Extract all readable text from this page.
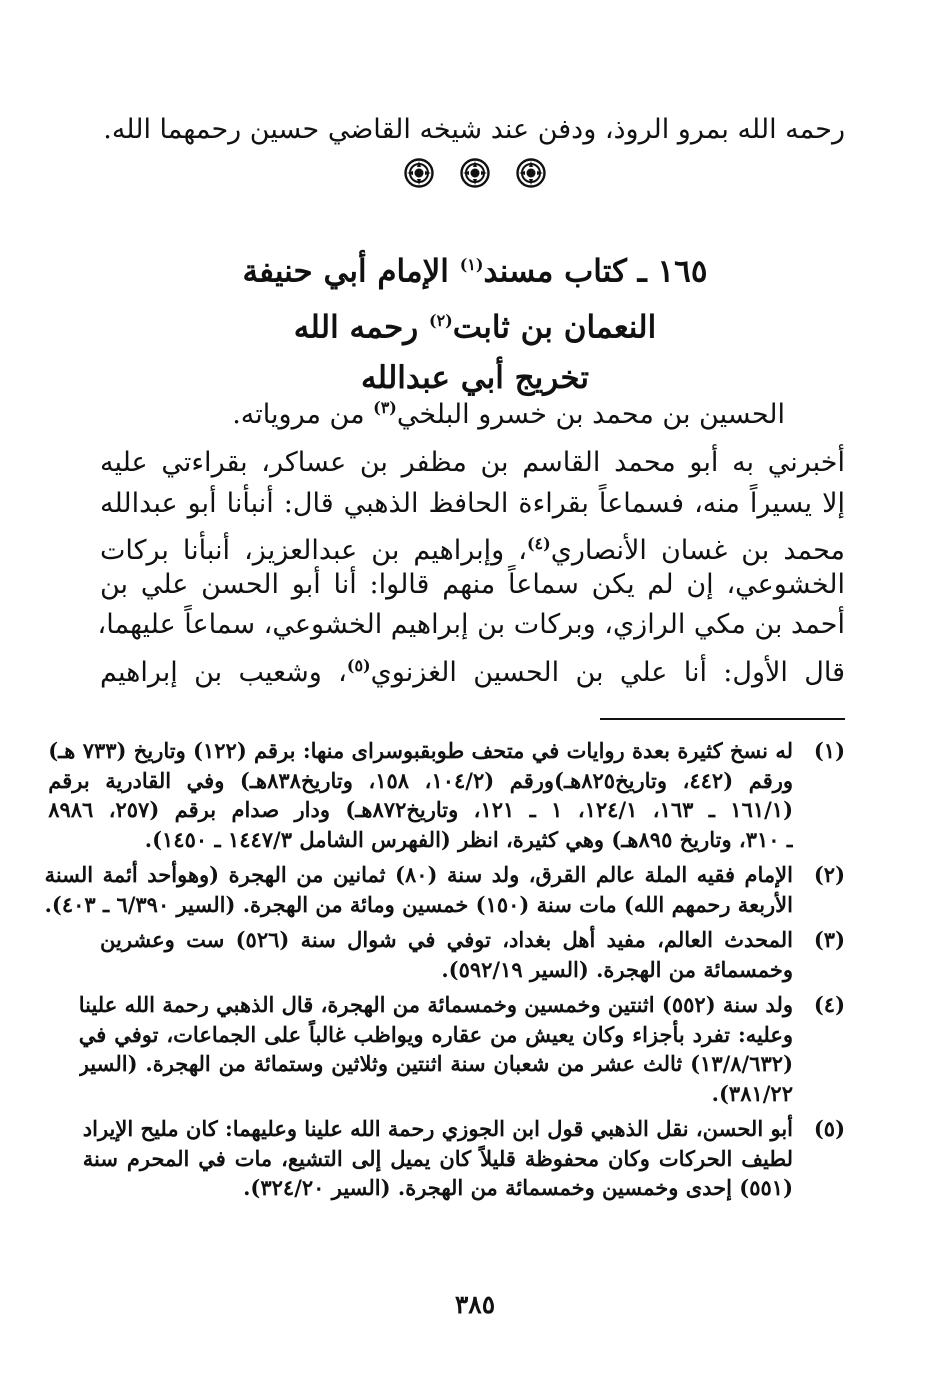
رحمه الله بمرو الروذ، ودفن عند شيخه القاضي حسين رحمهما الله.
١٦٥ ـ كتاب مسند$^{(١)}$ الإمام أبي حنيفة
النعمان بن ثابت$^{(٢)}$ رحمه الله
تخريج أبي عبدالله
الحسين بن محمد بن خسرو البلخي$^{(٣)}$ من مروياته.
أخبرني به أبو محمد القاسم بن مظفر بن عساكر، بقراءتي عليه
إلا يسيراً منه، فسماعاً بقراءة الحافظ الذهبي قال: أنبأنا أبو عبدالله
محمد بن غسان الأنصاري$^{(٤)}$، وإبراهيم بن عبدالعزيز، أنبأنا بركات
الخشوعي، إن لم يكن سماعاً منهم قالوا: أنا أبو الحسن علي بن
أحمد بن مكي الرازي، وبركات بن إبراهيم الخشوعي، سماعاً عليهما،
قال الأول: أنا علي بن الحسين الغزنوي$^{(٥)}$، وشعيب بن إبراهيم
(١)
له نسخ كثيرة بعدة روايات في متحف طوبقبوسراى منها: برقم (١٢٢) وتاريخ (٧٣٣ هـ)
ورقم (٤٤٢، وتاريخ٨٢٥هـ)ورقم (١٠٤/٢، ١٥٨، وتاريخ٨٣٨هـ) وفي القادرية برقم
(١٦١/١ ـ ١٦٣، ١٢٤/١، ١ ـ ١٢١، وتاريخ٨٧٢هـ) ودار صدام برقم (٢٥٧، ٨٩٨٦
ـ ٣١٠، وتاريخ ٨٩٥هـ) وهي كثيرة، انظر (الفهرس الشامل ١٤٤٧/٣ ـ ١٤٥٠).
(٢)
الإمام فقيه الملة عالم القرق، ولد سنة (٨٠) ثمانين من الهجرة (وهوأحد أئمة السنة
الأربعة رحمهم الله) مات سنة (١٥٠) خمسين ومائة من الهجرة. (السير ٦/٣٩٠ ـ ٤٠٣).
(٣)
المحدث العالم، مفيد أهل بغداد، توفي في شوال سنة (٥٢٦) ست وعشرين
وخمسمائة من الهجرة. (السير ٥٩٢/١٩).
(٤)
ولد سنة (٥٥٢) اثنتين وخمسين وخمسمائة من الهجرة، قال الذهبي رحمة الله علينا
وعليه: تفرد بأجزاء وكان يعيش من عقاره ويواظب غالباً على الجماعات، توفي في
(١٣/٨/٦٣٢) ثالث عشر من شعبان سنة اثنتين وثلاثين وستمائة من الهجرة. (السير
٣٨١/٢٢).
(٥)
أبو الحسن، نقل الذهبي قول ابن الجوزي رحمة الله علينا وعليهما: كان مليح الإيراد
لطيف الحركات وكان محفوظة قليلاً كان يميل إلى التشيع، مات في المحرم سنة
(٥٥١) إحدى وخمسين وخمسمائة من الهجرة. (السير ٣٢٤/٢٠).
٣٨٥
